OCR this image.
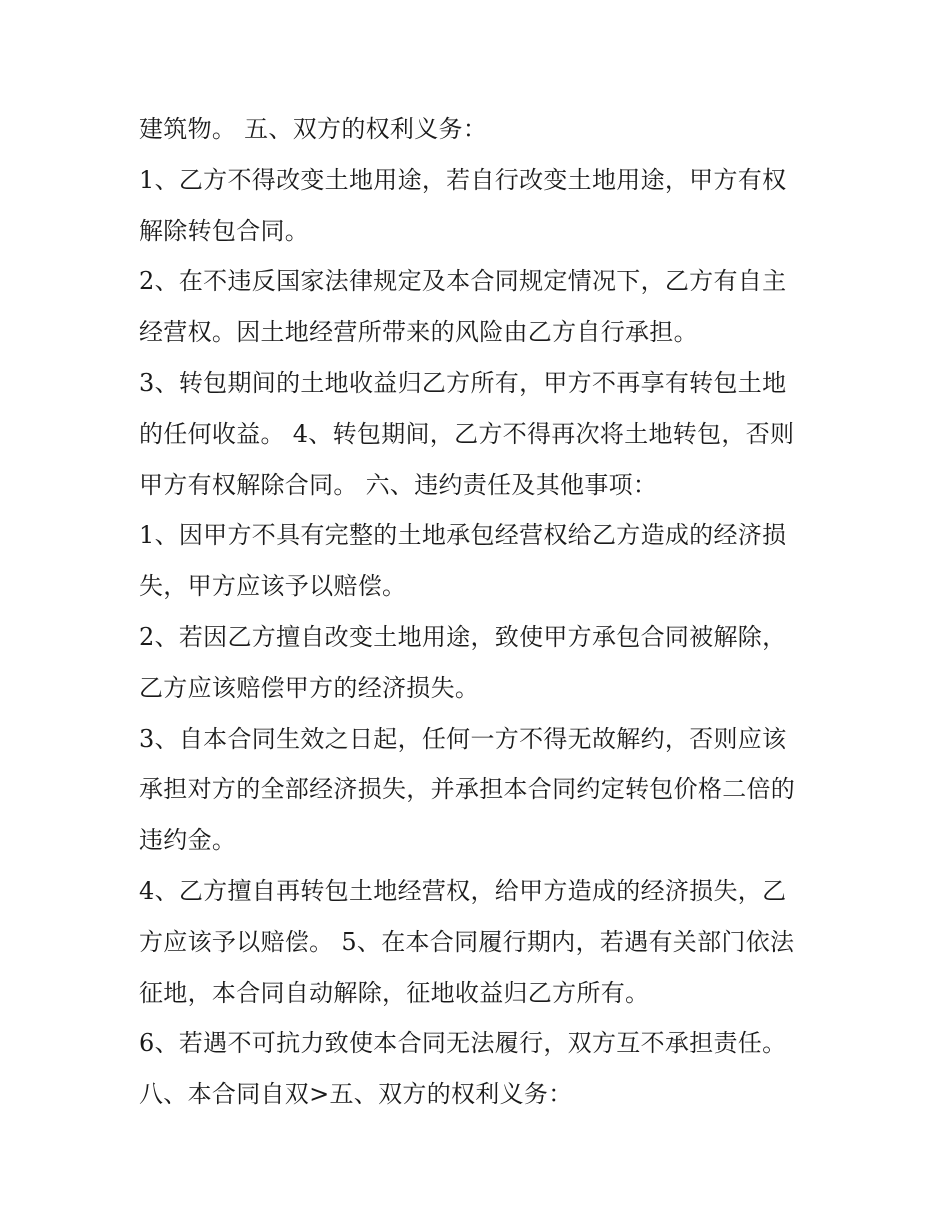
建筑物。 五、双方的权利义务：
1、乙方不得改变土地用途，若自行改变土地用途，甲方有权
解除转包合同。
2、在不违反国家法律规定及本合同规定情况下，乙方有自主
经营权。因土地经营所带来的风险由乙方自行承担。
3、转包期间的土地收益归乙方所有，甲方不再享有转包土地
的任何收益。 4、转包期间，乙方不得再次将土地转包，否则
甲方有权解除合同。 六、违约责任及其他事项：
1、因甲方不具有完整的土地承包经营权给乙方造成的经济损
失，甲方应该予以赔偿。
2、若因乙方擅自改变土地用途，致使甲方承包合同被解除，
乙方应该赔偿甲方的经济损失。
3、自本合同生效之日起，任何一方不得无故解约，否则应该
承担对方的全部经济损失，并承担本合同约定转包价格二倍的
违约金。
4、乙方擅自再转包土地经营权，给甲方造成的经济损失，乙
方应该予以赔偿。 5、在本合同履行期内，若遇有关部门依法
征地，本合同自动解除，征地收益归乙方所有。
6、若遇不可抗力致使本合同无法履行，双方互不承担责任。
八、本合同自双>五、双方的权利义务：
